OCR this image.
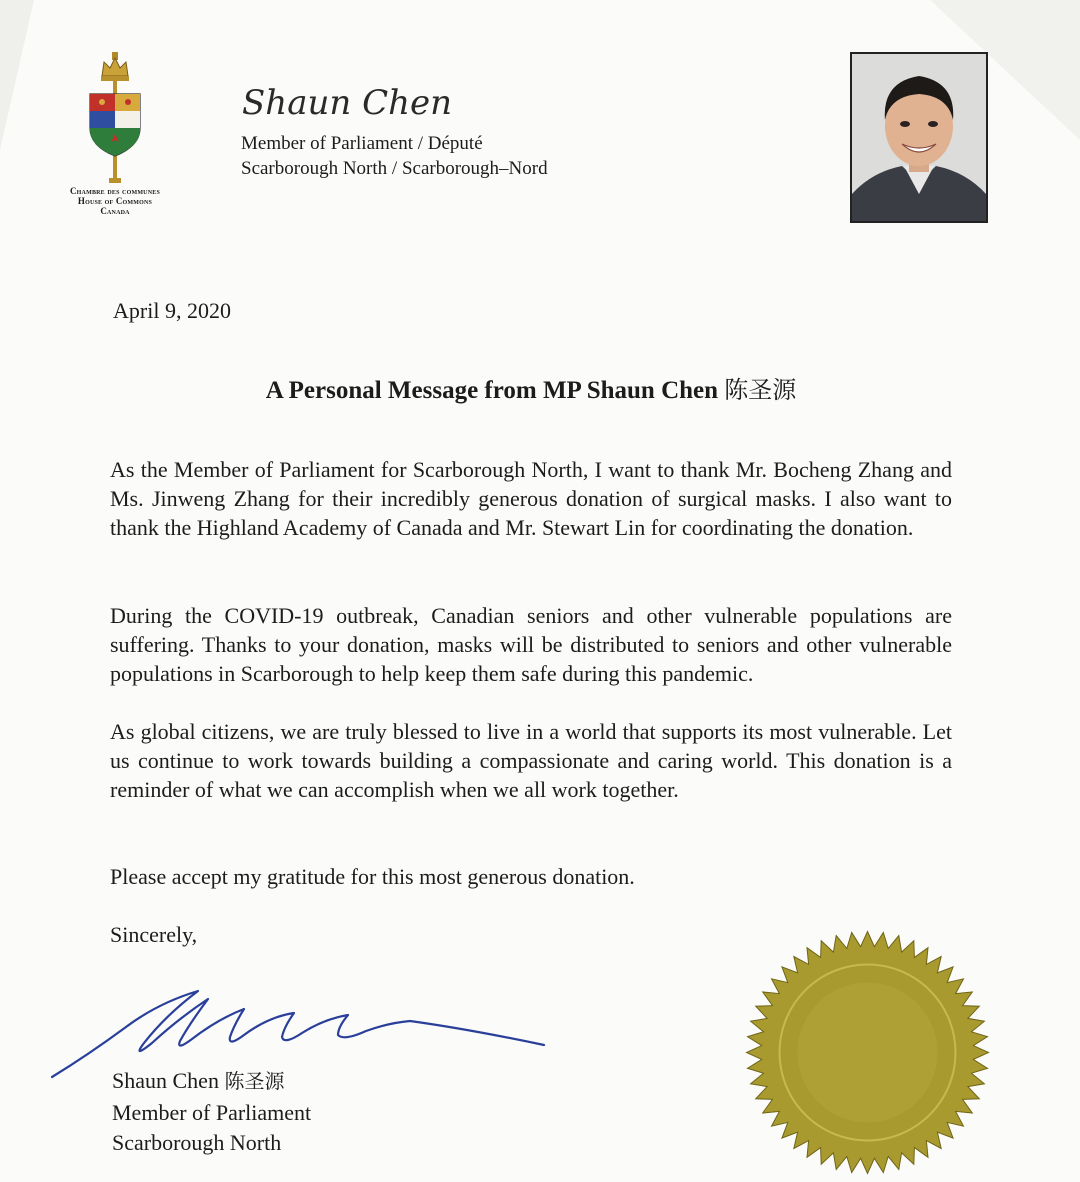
Chambre des communes
House of Commons
Canada
Shaun Chen
Member of Parliament / Député
Scarborough North / Scarborough–Nord
April 9, 2020
A Personal Message from MP Shaun Chen 陈圣源

As the Member of Parliament for Scarborough North, I want to thank Mr. Bocheng Zhang and Ms. Jinweng Zhang for their incredibly generous donation of surgical masks. I also want to thank the Highland Academy of Canada and Mr. Stewart Lin for coordinating the donation.

During the COVID-19 outbreak, Canadian seniors and other vulnerable populations are suffering. Thanks to your donation, masks will be distributed to seniors and other vulnerable populations in Scarborough to help keep them safe during this pandemic.

As global citizens, we are truly blessed to live in a world that supports its most vulnerable. Let us continue to work towards building a compassionate and caring world. This donation is a reminder of what we can accomplish when we all work together.

Please accept my gratitude for this most generous donation.

Sincerely,
Shaun Chen 陈圣源
Member of Parliament
Scarborough North
